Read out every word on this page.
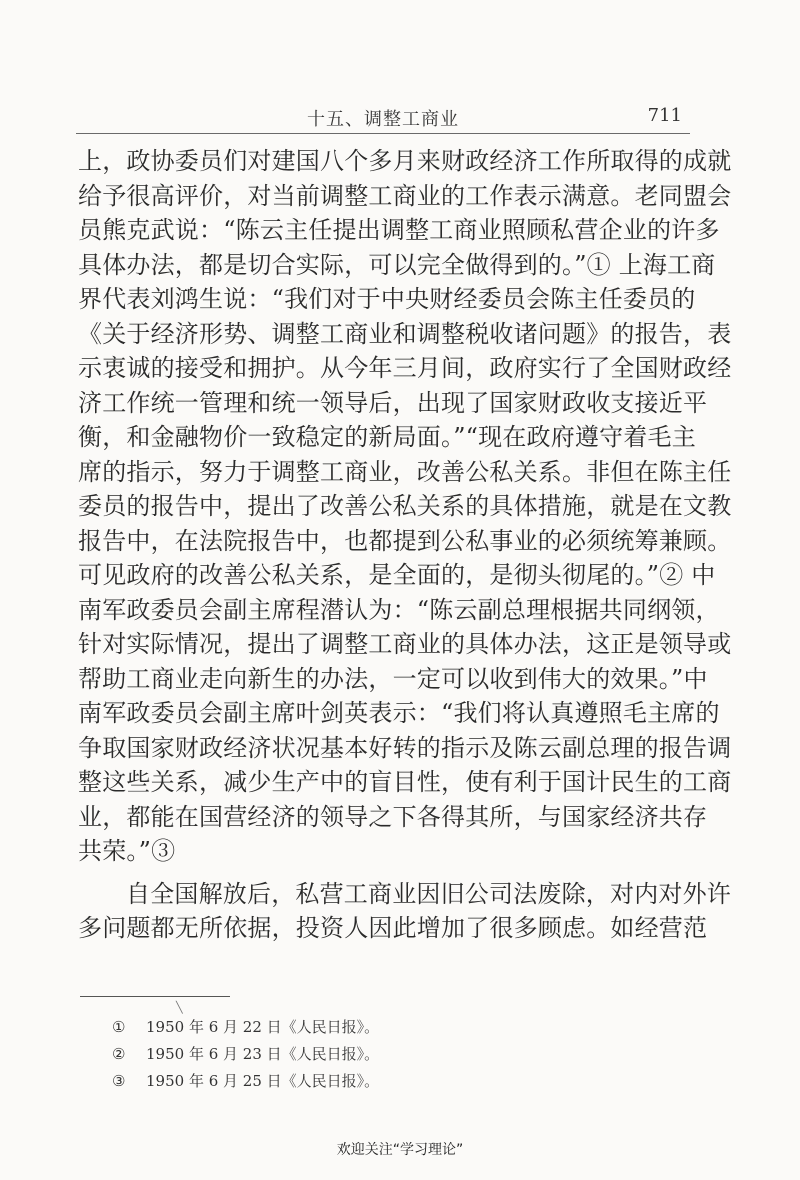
十五、调整工商业	711
上，政协委员们对建国八个多月来财政经济工作所取得的成就
给予很高评价，对当前调整工商业的工作表示满意。老同盟会
员熊克武说：“陈云主任提出调整工商业照顾私营企业的许多
具体办法，都是切合实际，可以完全做得到的。”① 上海工商
界代表刘鸿生说：“我们对于中央财经委员会陈主任委员的
《关于经济形势、调整工商业和调整税收诸问题》的报告，表
示衷诚的接受和拥护。从今年三月间，政府实行了全国财政经
济工作统一管理和统一领导后，出现了国家财政收支接近平
衡，和金融物价一致稳定的新局面。”“现在政府遵守着毛主
席的指示，努力于调整工商业，改善公私关系。非但在陈主任
委员的报告中，提出了改善公私关系的具体措施，就是在文教
报告中，在法院报告中，也都提到公私事业的必须统筹兼顾。
可见政府的改善公私关系，是全面的，是彻头彻尾的。”② 中
南军政委员会副主席程潜认为：“陈云副总理根据共同纲领，
针对实际情况，提出了调整工商业的具体办法，这正是领导或
帮助工商业走向新生的办法，一定可以收到伟大的效果。”中
南军政委员会副主席叶剑英表示：“我们将认真遵照毛主席的
争取国家财政经济状况基本好转的指示及陈云副总理的报告调
整这些关系，减少生产中的盲目性，使有利于国计民生的工商
业，都能在国营经济的领导之下各得其所，与国家经济共存
共荣。”③
自全国解放后，私营工商业因旧公司法废除，对内对外许
多问题都无所依据，投资人因此增加了很多顾虑。如经营范
╲
① 1950 年 6 月 22 日《人民日报》。
② 1950 年 6 月 23 日《人民日报》。
③ 1950 年 6 月 25 日《人民日报》。
欢迎关注“学习理论”
